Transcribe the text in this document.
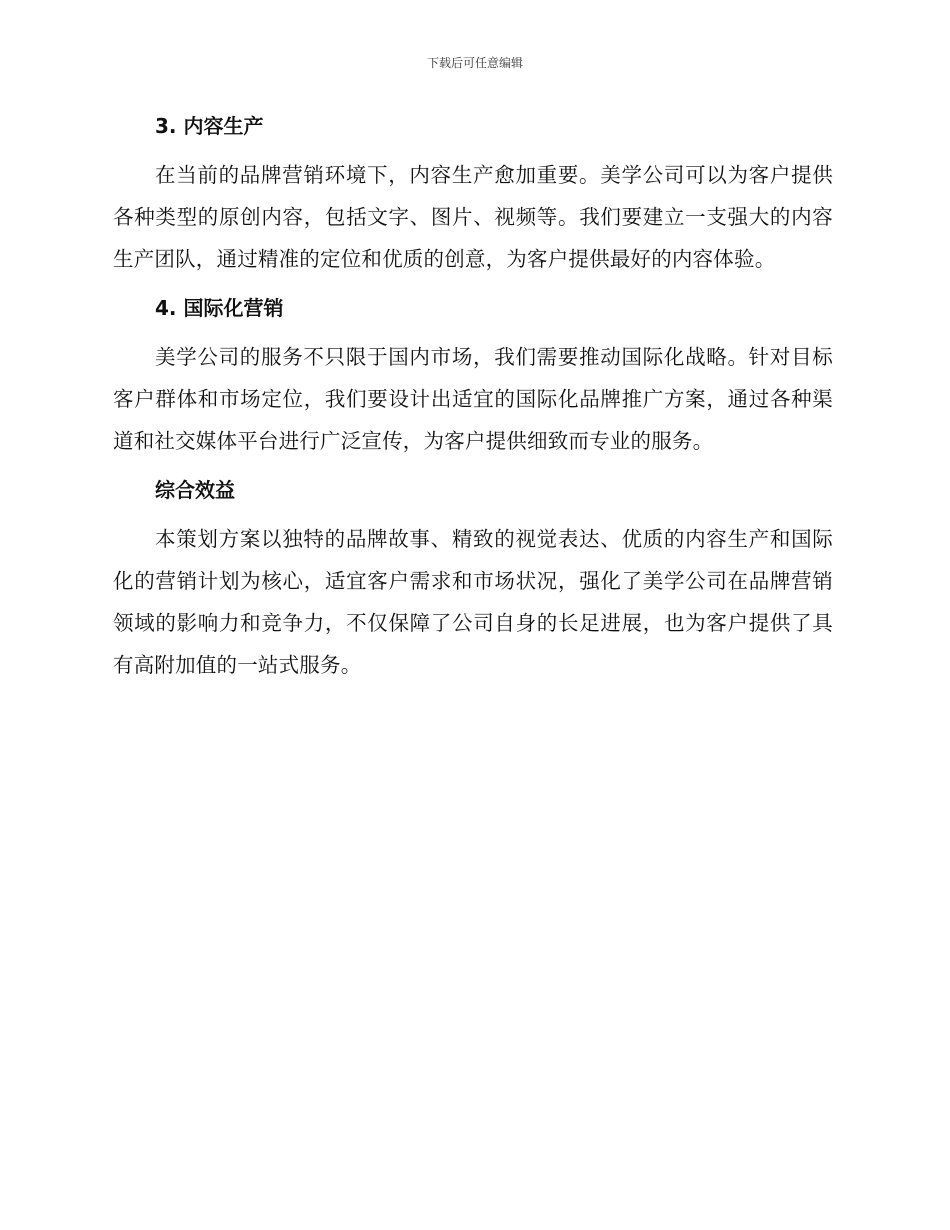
下载后可任意编辑
3. 内容生产

在当前的品牌营销环境下，内容生产愈加重要。美学公司可以为客户提供各种类型的原创内容，包括文字、图片、视频等。我们要建立一支强大的内容生产团队，通过精准的定位和优质的创意，为客户提供最好的内容体验。

4. 国际化营销

美学公司的服务不只限于国内市场，我们需要推动国际化战略。针对目标客户群体和市场定位，我们要设计出适宜的国际化品牌推广方案，通过各种渠道和社交媒体平台进行广泛宣传，为客户提供细致而专业的服务。

综合效益

本策划方案以独特的品牌故事、精致的视觉表达、优质的内容生产和国际化的营销计划为核心，适宜客户需求和市场状况，强化了美学公司在品牌营销领域的影响力和竞争力，不仅保障了公司自身的长足进展，也为客户提供了具有高附加值的一站式服务。
